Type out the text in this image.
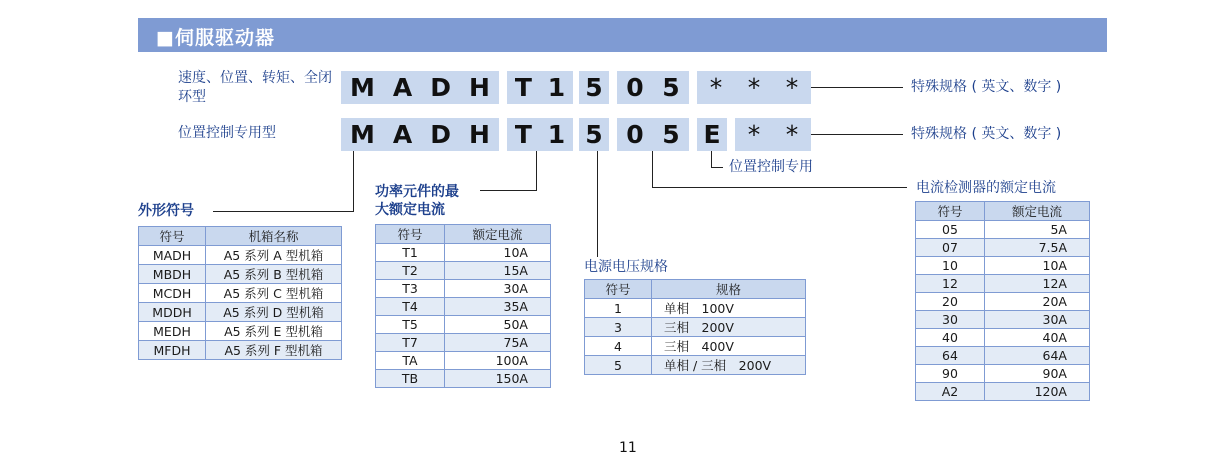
■伺服驱动器
速度、位置、转矩、全闭
环型	M A D H T 1 5 0 5 * * *	特殊规格 ( 英文、数字 )
位置控制专用型	M A D H T 1 5 0 5 E * *	特殊规格 ( 英文、数字 )
位置控制专用
外形符号
功率元件的最
大额定电流
电源电压规格
电流检测器的额定电流
符号	机箱名称
MADH	A5 系列 A 型机箱
MBDH	A5 系列 B 型机箱
MCDH	A5 系列 C 型机箱
MDDH	A5 系列 D 型机箱
MEDH	A5 系列 E 型机箱
MFDH	A5 系列 F 型机箱
符号	额定电流
T1	10A
T2	15A
T3	30A
T4	35A
T5	50A
T7	75A
TA	100A
TB	150A
符号	规格
1	单相　100V
3	三相　200V
4	三相　400V
5	单相 / 三相　200V
符号	额定电流
05	5A
07	7.5A
10	10A
12	12A
20	20A
30	30A
40	40A
64	64A
90	90A
A2	120A
11
